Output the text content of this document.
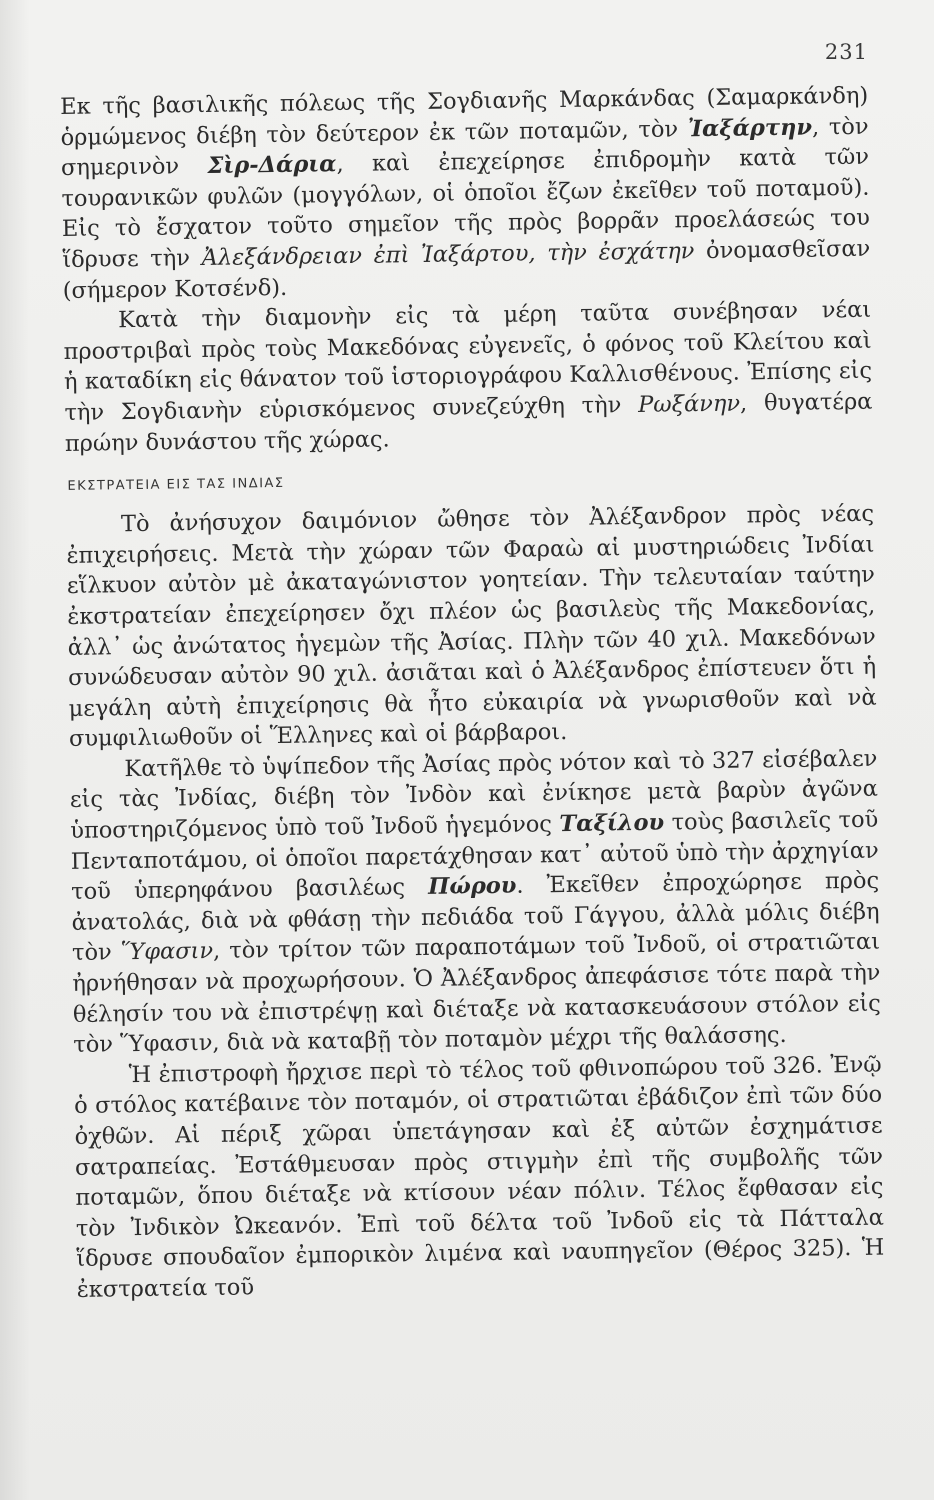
231

Εκ τῆς βασιλικῆς πόλεως τῆς Σογδιανῆς Μαρκάνδας (Σαμαρκάνδη) ὁρμώμενος διέβη τὸν δεύτερον ἐκ τῶν ποταμῶν, τὸν Ἰαξάρτην, τὸν σημερινὸν Σὶρ-Δάρια, καὶ ἐπεχείρησε ἐπιδρομὴν κατὰ τῶν τουρανικῶν φυλῶν (μογγόλων, οἱ ὁποῖοι ἔζων ἐκεῖθεν τοῦ ποταμοῦ). Εἰς τὸ ἔσχατον τοῦτο σημεῖον τῆς πρὸς βορρᾶν προελάσεώς του ἵδρυσε τὴν Ἀλεξάνδρειαν ἐπὶ Ἰαξάρτου, τὴν ἐσχάτην ὀνομασθεῖσαν (σήμερον Κοτσένδ).

Κατὰ τὴν διαμονὴν εἰς τὰ μέρη ταῦτα συνέβησαν νέαι προστριβαὶ πρὸς τοὺς Μακεδόνας εὐγενεῖς, ὁ φόνος τοῦ Κλείτου καὶ ἡ καταδίκη εἰς θάνατον τοῦ ἱστοριογράφου Καλλισθένους. Ἐπίσης εἰς τὴν Σογδιανὴν εὑρισκόμενος συνεζεύχθη τὴν Ρωξάνην, θυγατέρα πρώην δυνάστου τῆς χώρας.

ΕΚΣΤΡΑΤΕΙΑ ΕΙΣ ΤΑΣ ΙΝΔΙΑΣ

Τὸ ἀνήσυχον δαιμόνιον ὤθησε τὸν Ἀλέξανδρον πρὸς νέας ἐπιχειρήσεις. Μετὰ τὴν χώραν τῶν Φαραὼ αἱ μυστηριώδεις Ἰνδίαι εἵλκυον αὐτὸν μὲ ἀκαταγώνιστον γοητείαν. Τὴν τελευταίαν ταύτην ἐκστρατείαν ἐπεχείρησεν ὄχι πλέον ὡς βασιλεὺς τῆς Μακεδονίας, ἀλλ᾽ ὡς ἀνώτατος ἡγεμὼν τῆς Ἀσίας. Πλὴν τῶν 40 χιλ. Μακεδόνων συνώδευσαν αὐτὸν 90 χιλ. ἀσιᾶται καὶ ὁ Ἀλέξανδρος ἐπίστευεν ὅτι ἡ μεγάλη αὐτὴ ἐπιχείρησις θὰ ἦτο εὐκαιρία νὰ γνωρισθοῦν καὶ νὰ συμφιλιωθοῦν οἱ Ἕλληνες καὶ οἱ βάρβαροι.

Κατῆλθε τὸ ὑψίπεδον τῆς Ἀσίας πρὸς νότον καὶ τὸ 327 εἰσέβαλεν εἰς τὰς Ἰνδίας, διέβη τὸν Ἰνδὸν καὶ ἐνίκησε μετὰ βαρὺν ἀγῶνα ὑποστηριζόμενος ὑπὸ τοῦ Ἰνδοῦ ἡγεμόνος Ταξίλου τοὺς βασιλεῖς τοῦ Πενταποτάμου, οἱ ὁποῖοι παρετάχθησαν κατ᾽ αὐτοῦ ὑπὸ τὴν ἀρχηγίαν τοῦ ὑπερηφάνου βασιλέως Πώρου. Ἐκεῖθεν ἐπροχώρησε πρὸς ἀνατολάς, διὰ νὰ φθάσῃ τὴν πεδιάδα τοῦ Γάγγου, ἀλλὰ μόλις διέβη τὸν Ὕφασιν, τὸν τρίτον τῶν παραποτάμων τοῦ Ἰνδοῦ, οἱ στρατιῶται ἠρνήθησαν νὰ προχωρήσουν. Ὁ Ἀλέξανδρος ἀπεφάσισε τότε παρὰ τὴν θέλησίν του νὰ ἐπιστρέψῃ καὶ διέταξε νὰ κατασκευάσουν στόλον εἰς τὸν Ὕφασιν, διὰ νὰ καταβῇ τὸν ποταμὸν μέχρι τῆς θαλάσσης.

Ἡ ἐπιστροφὴ ἤρχισε περὶ τὸ τέλος τοῦ φθινοπώρου τοῦ 326. Ἐνῷ ὁ στόλος κατέβαινε τὸν ποταμόν, οἱ στρατιῶται ἐβάδιζον ἐπὶ τῶν δύο ὀχθῶν. Αἱ πέριξ χῶραι ὑπετάγησαν καὶ ἐξ αὐτῶν ἐσχημάτισε σατραπείας. Ἐστάθμευσαν πρὸς στιγμὴν ἐπὶ τῆς συμβολῆς τῶν ποταμῶν, ὅπου διέταξε νὰ κτίσουν νέαν πόλιν. Τέλος ἔφθασαν εἰς τὸν Ἰνδικὸν Ὠκεανόν. Ἐπὶ τοῦ δέλτα τοῦ Ἰνδοῦ εἰς τὰ Πάτταλα ἵδρυσε σπουδαῖον ἐμπορικὸν λιμένα καὶ ναυπηγεῖον (Θέρος 325). Ἡ ἐκστρατεία τοῦ
